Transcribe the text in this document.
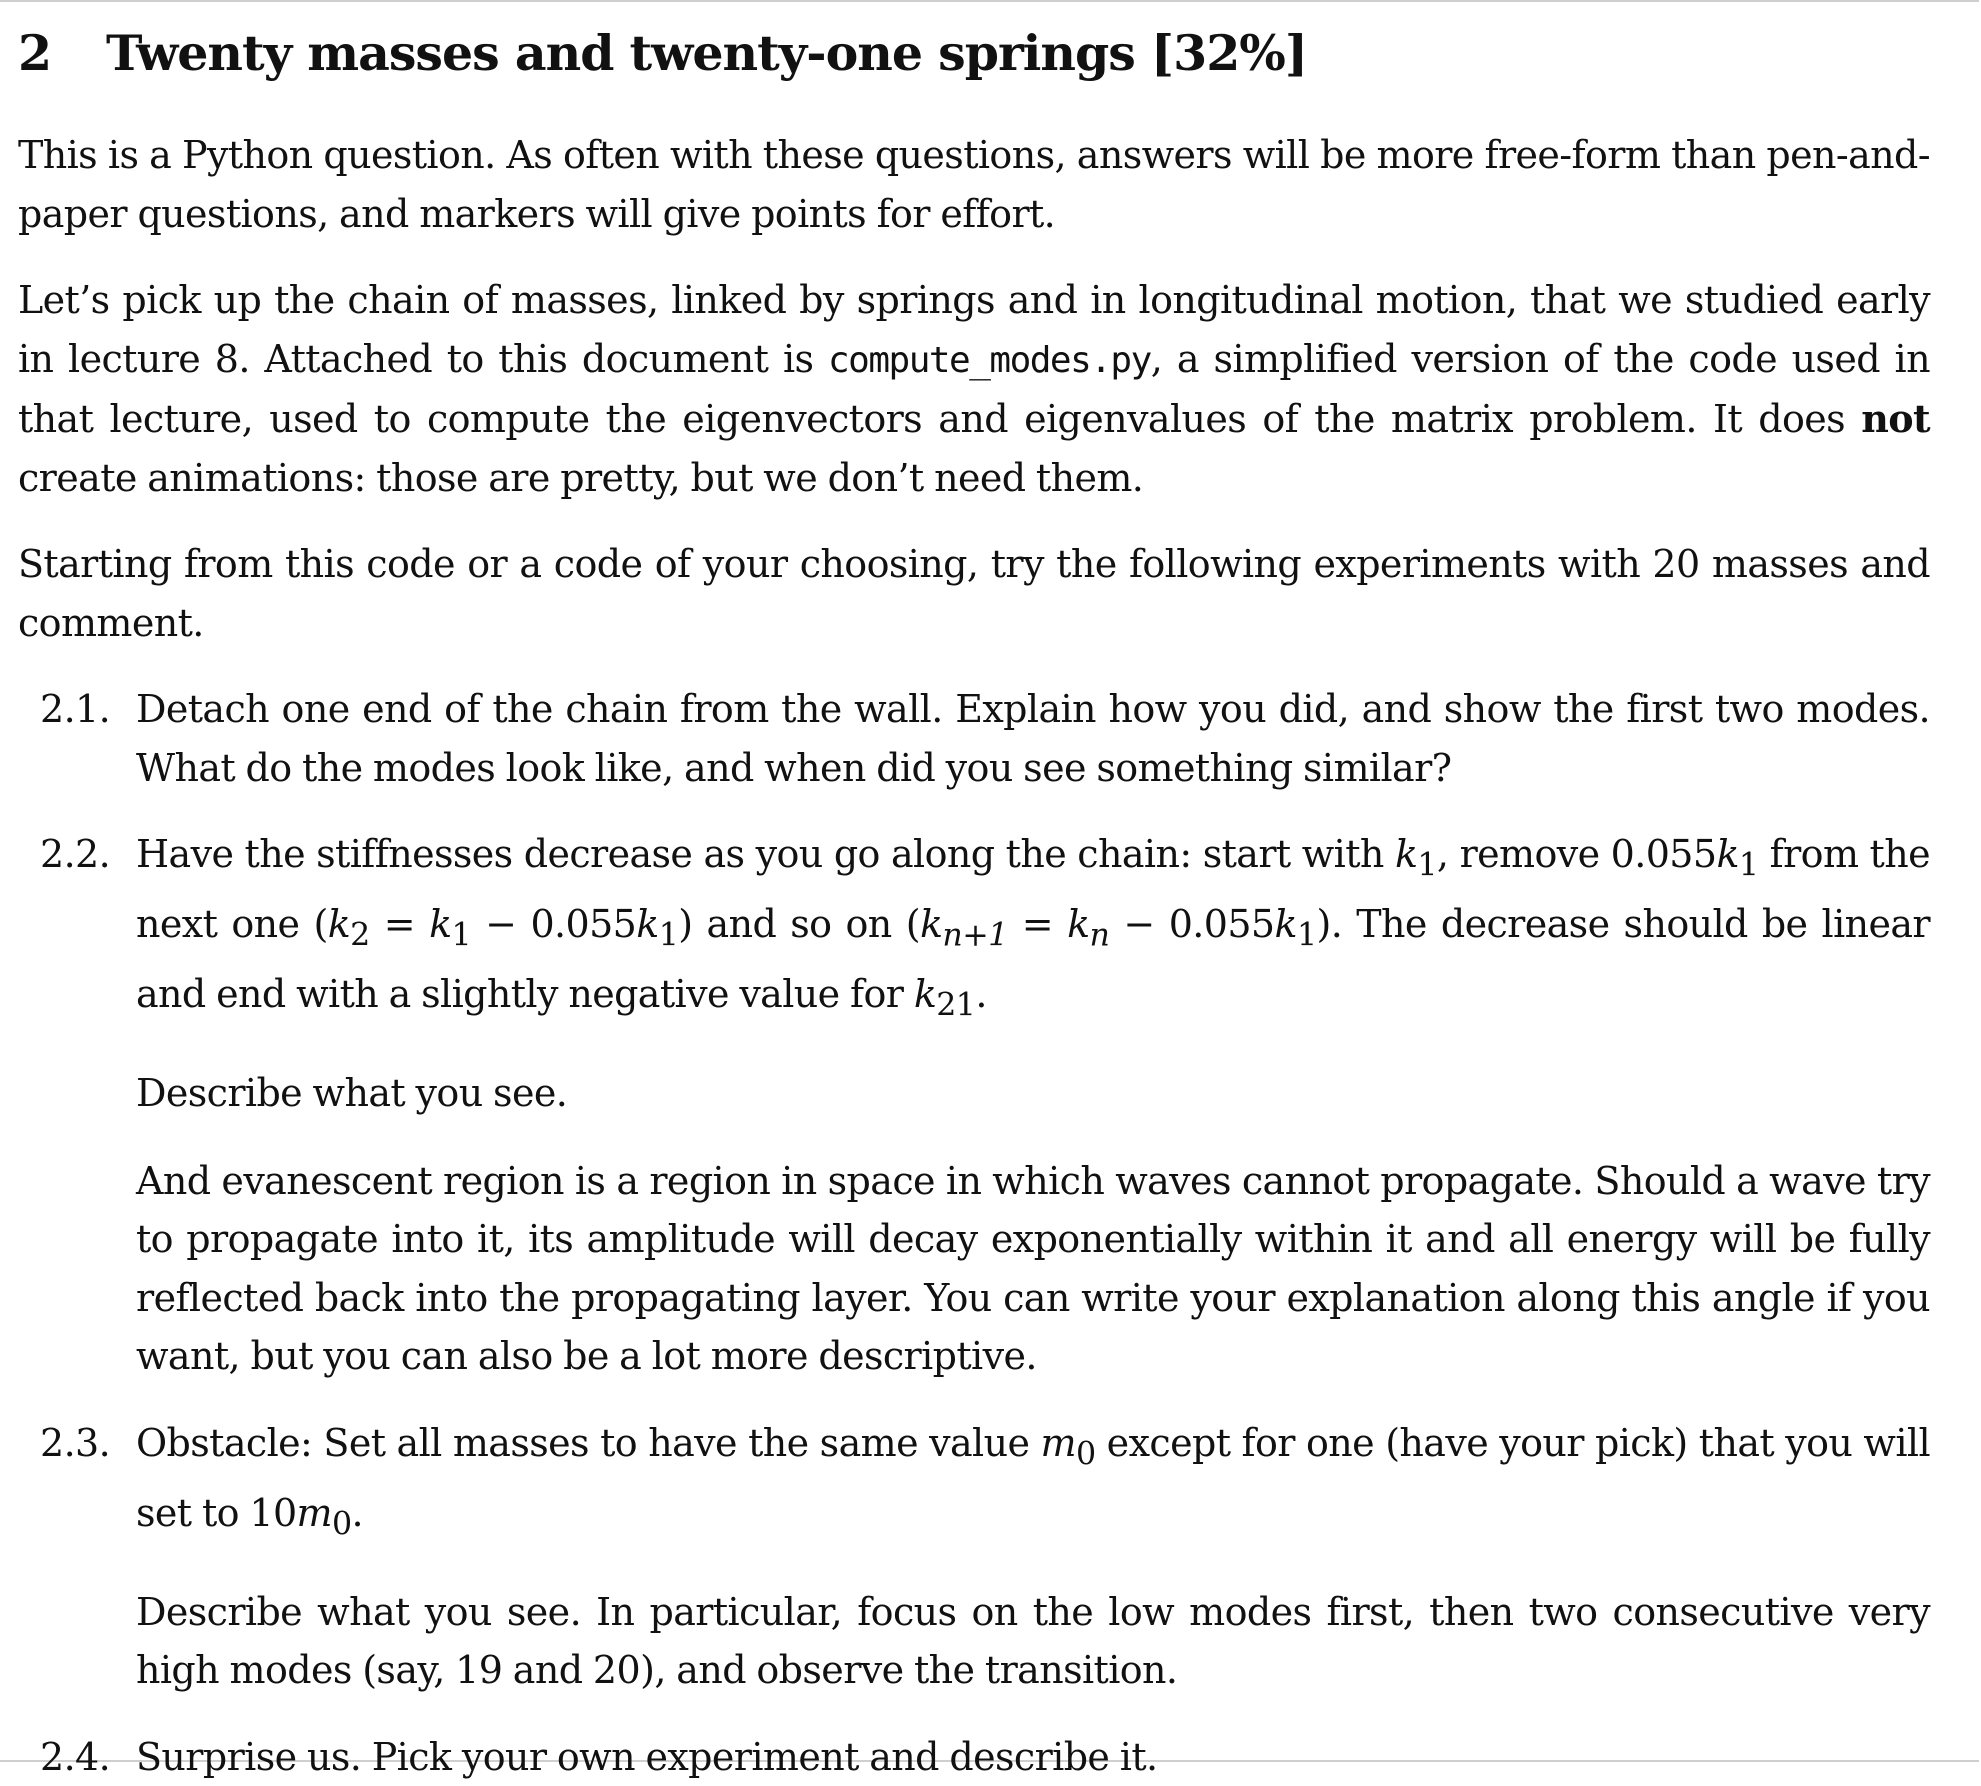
2 Twenty masses and twenty-one springs [32%]

This is a Python question. As often with these questions, answers will be more free-form than pen-and-paper questions, and markers will give points for effort.

Let’s pick up the chain of masses, linked by springs and in longitudinal motion, that we studied early in lecture 8. Attached to this document is compute_modes.py, a simplified version of the code used in that lecture, used to compute the eigenvectors and eigenvalues of the matrix problem. It does not create animations: those are pretty, but we don’t need them.

Starting from this code or a code of your choosing, try the following experiments with 20 masses and comment.

2.1. Detach one end of the chain from the wall. Explain how you did, and show the first two modes. What do the modes look like, and when did you see something similar?

2.2. Have the stiffnesses decrease as you go along the chain: start with $k_1$, remove $0.055k_1$ from the next one $(k_2 = k_1 - 0.055k_1)$ and so on $(k_{n+1} = k_n - 0.055k_1)$. The decrease should be linear and end with a slightly negative value for $k_{21}$.

Describe what you see.

And evanescent region is a region in space in which waves cannot propagate. Should a wave try to propagate into it, its amplitude will decay exponentially within it and all energy will be fully reflected back into the propagating layer. You can write your explanation along this angle if you want, but you can also be a lot more descriptive.

2.3. Obstacle: Set all masses to have the same value $m_0$ except for one (have your pick) that you will set to $10m_0$.

Describe what you see. In particular, focus on the low modes first, then two consecutive very high modes (say, 19 and 20), and observe the transition.

2.4. Surprise us. Pick your own experiment and describe it.
